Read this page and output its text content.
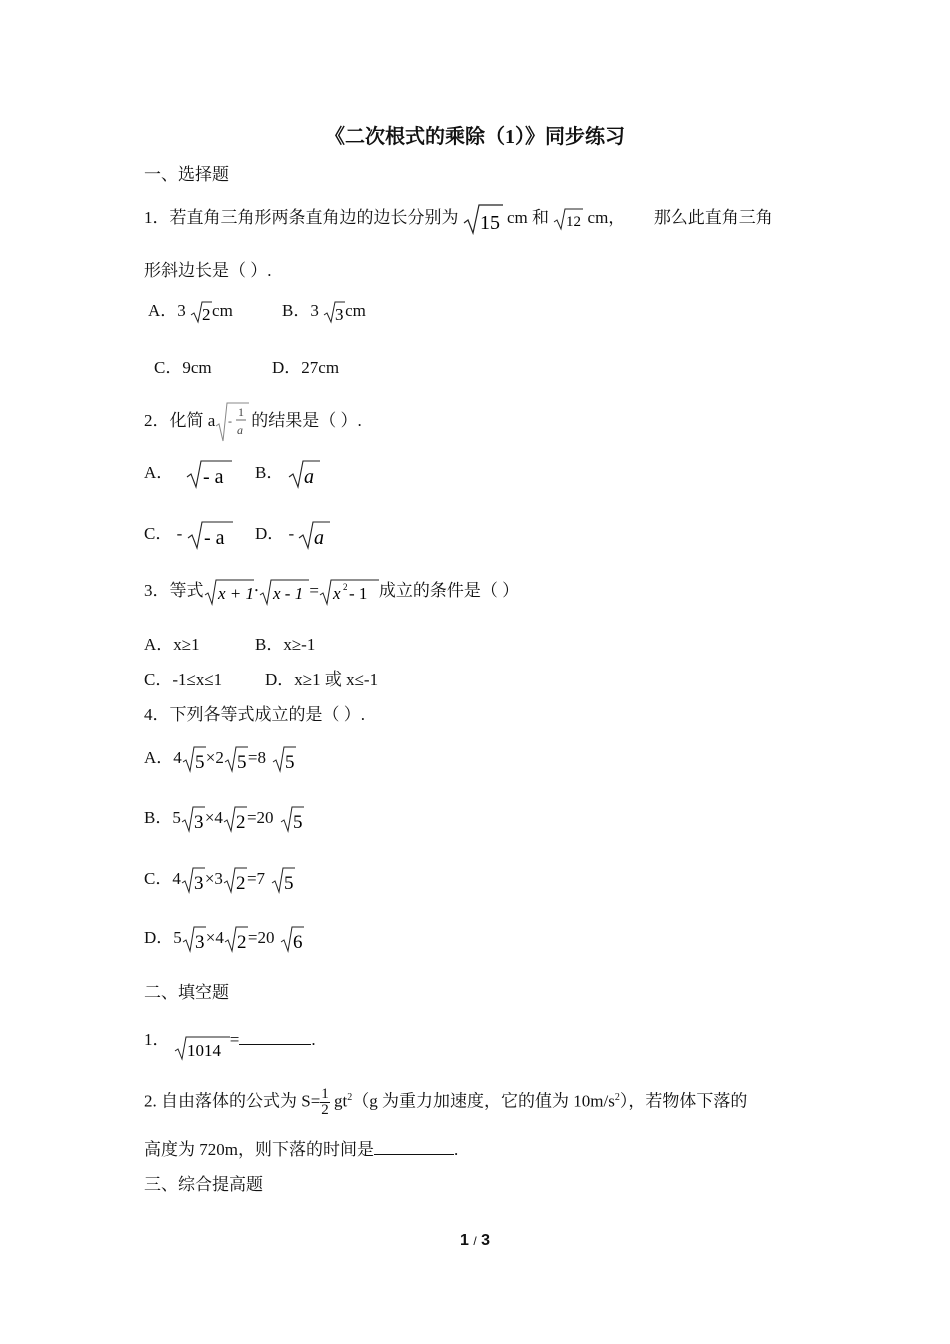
《二次根式的乘除（1）》同步练习
一、选择题
1．若直角三角形两条直角边的边长分别为 15 cm 和 12 cm， 那么此直角三角
形斜边长是（ ）.
A．3 2 cm	B．3 3 cm
C．9cm	D．27cm
2．化简 a -
1
a
的结果是（ ）.
A． - a B． a
C． - - a D． - a
3．等式 x + 1 ⋅ x - 1 = x 2 - 1 成立的条件是（ ）
A．x≥1	B．x≥-1
C．-1≤x≤1	D．x≥1 或 x≤-1
4．下列各等式成立的是（ ）.
A．4 5 ×2 5 =8 5
B．5 3 ×4 2 =20 5
C．4 3 ×3 2 =7 5
D．5 3 ×4 2 =20 6
二、填空题
1．
1014
=	.
2. 自由落体的公式为 $S= \frac{1}{2} gt^2(g$ 为重力加速度，它的值为 $10m/s^2$），若物体下落的
高度为 720m，则下落的时间是	.
三、综合提高题
1 / 3
